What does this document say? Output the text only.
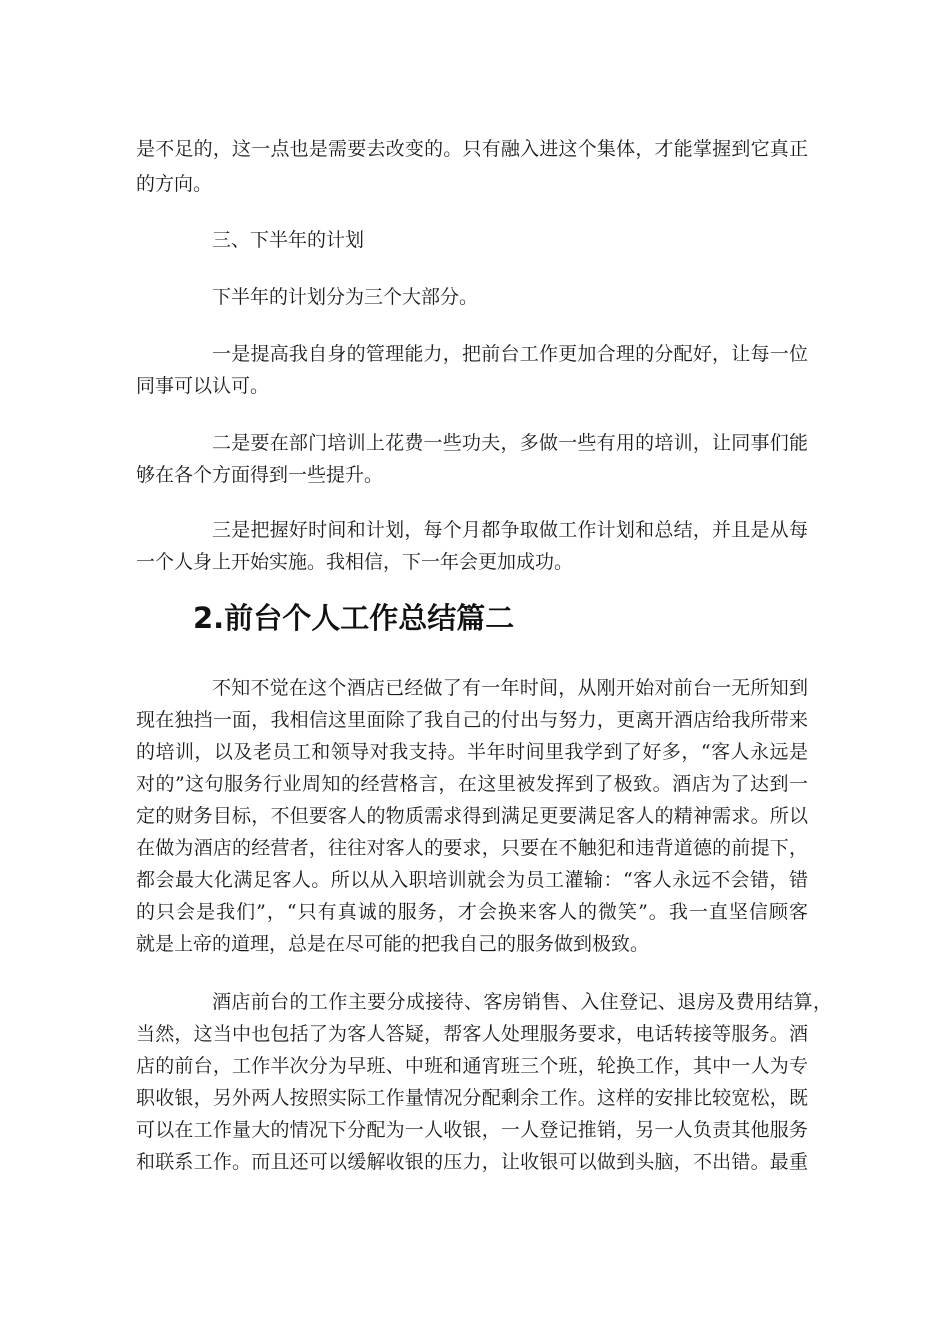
是不足的，这一点也是需要去改变的。只有融入进这个集体，才能掌握到它真正
的方向。
三、下半年的计划
下半年的计划分为三个大部分。
一是提高我自身的管理能力，把前台工作更加合理的分配好，让每一位
同事可以认可。
二是要在部门培训上花费一些功夫，多做一些有用的培训，让同事们能
够在各个方面得到一些提升。
三是把握好时间和计划，每个月都争取做工作计划和总结，并且是从每
一个人身上开始实施。我相信，下一年会更加成功。
2.前台个人工作总结篇二
不知不觉在这个酒店已经做了有一年时间，从刚开始对前台一无所知到
现在独挡一面，我相信这里面除了我自己的付出与努力，更离开酒店给我所带来
的培训，以及老员工和领导对我支持。半年时间里我学到了好多，“客人永远是
对的”这句服务行业周知的经营格言，在这里被发挥到了极致。酒店为了达到一
定的财务目标，不但要客人的物质需求得到满足更要满足客人的精神需求。所以
在做为酒店的经营者，往往对客人的要求，只要在不触犯和违背道德的前提下，
都会最大化满足客人。所以从入职培训就会为员工灌输：“客人永远不会错，错
的只会是我们”，“只有真诚的服务，才会换来客人的微笑”。我一直坚信顾客
就是上帝的道理，总是在尽可能的把我自己的服务做到极致。
酒店前台的工作主要分成接待、客房销售、入住登记、退房及费用结算，
当然，这当中也包括了为客人答疑，帮客人处理服务要求，电话转接等服务。酒
店的前台，工作半次分为早班、中班和通宵班三个班，轮换工作，其中一人为专
职收银，另外两人按照实际工作量情况分配剩余工作。这样的安排比较宽松，既
可以在工作量大的情况下分配为一人收银，一人登记推销，另一人负责其他服务
和联系工作。而且还可以缓解收银的压力，让收银可以做到头脑，不出错。最重
